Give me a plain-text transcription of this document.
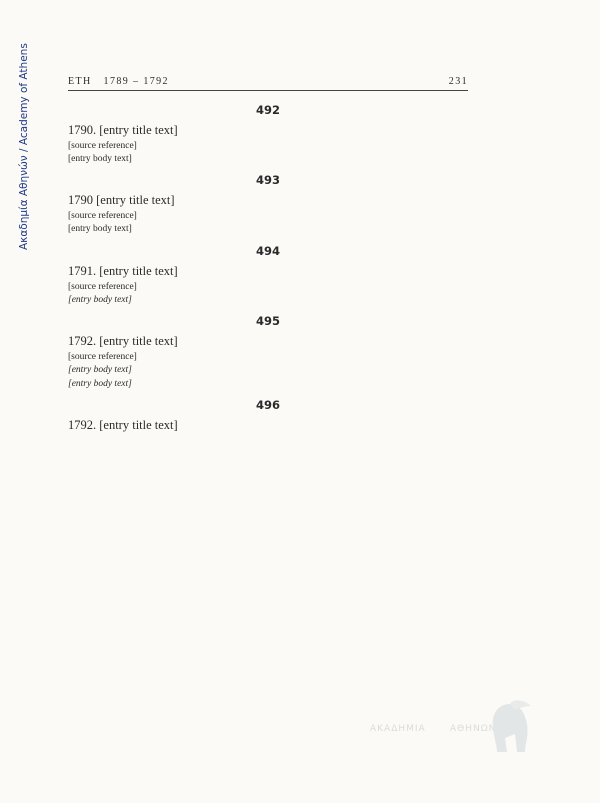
Ακαδημία Αθηνών / Academy of Athens	ΕΤΗ 1789 – 1792	231
492

1790. [entry title text]

[source reference]

[entry body text]

493

1790 [entry title text]

[source reference]

[entry body text]

494

1791. [entry title text]

[source reference]

[entry body text]

495

1792. [entry title text]

[source reference]

[entry body text]

[entry body text]

496

1792. [entry title text]

ΑΚΑΔΗΜΙΑ	ΑΘΗΝΩΝ
